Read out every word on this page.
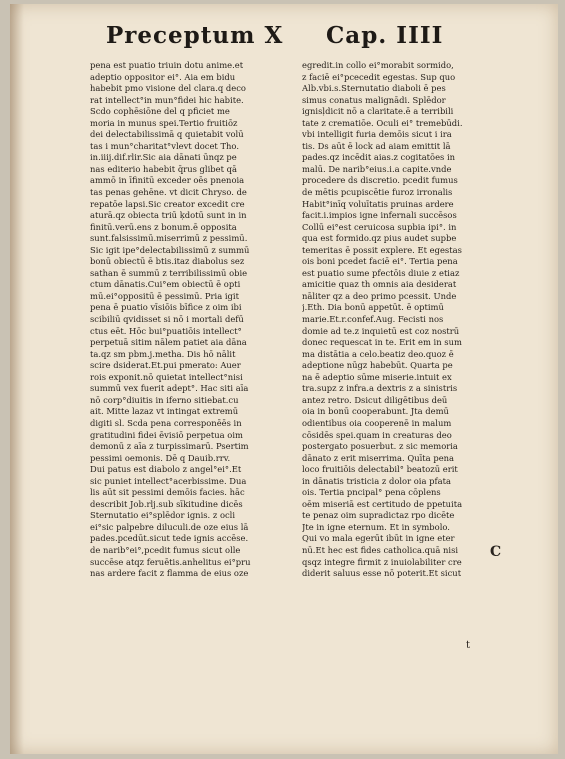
Preceptum X Cap. IIII
pena est puatio triuin dotu anime.et
adeptio oppositor ei°. Aia em bidu
habebit pmo visione del clara.q deco
rat intellect°in mun°fidei hic habite.
Scdo cophēsiōne del q pficiet me
moria in munus spei.Tertio fruitiōz
dei delectabilissimā q quietabit volū
tas i mun°charitat°vlevt docet Tho.
in.iiij.dif.rlir.Sic aia dānati ūnqz pe
nas editerio habebit q̄rus glibet qā
ammō in īfinitū exceder oēs pnenoia
tas penas gehēne. vt dicit Chryso. de
repatōe lapsi.Sic creator excedit cre
aturā.qz obiecta triū ķdotū sunt in in
finitū.verū.ens z bonum.ē opposita
sunt.falsissimū.miserrimū z pessimū.
Sic igit ipe°delectabilissimū z summū
bonū obiectū ē btis.itaz diabolus sez
sathan ē summū z terribilissimū obie
ctum dānatis.Cui°em obiectū ē opti
mū.ei°oppositū ē pessimū. Pria igit
pena ē puatio vīsiōis bīfice z oim ibi
scibiliū qvidisset si nō i mortali defū
ctus eēt. Hōc bui°puatiōis intellect°
perpetuā sitim nālem patiet aia dāna
ta.qz sm pbm.j.metha. Dis hō nālit
scire dsiderat.Et.pui pmerato: Auer
rois exponit.nō quietat intellect°nisi
summū vex fuerit adept°. Hac siti aīa
nō corp°diuitis in iferno sitiebat.cu
ait. Mitte lazaz vt intingat extremū
digiti sl. Scda pena corresponēēs in
gratitudini fidei ēvisiō perpetua oim
demonū z aīa z turpissimarū. Psertim
pessimi oemonis. Dē q Dauib.rrv.
Dui patus est diabolo z angel°ei°.Et
sic puniet intellect°acerbissime. Dua
lis aūt sit pessimi demōis facies. hāc
describit Job.rlj.sub sīkitudine dicēs
Sternutatio ei°splēdor ignis. z ocli
ei°sic palpebre diluculi.de oze eius lā
pades.pcedūt.sicut tede ignis accēse.
de narib°ei°,pcedit fumus sicut olle
succēse atqz feruētis.anhelitus ei°pru
nas ardere facit z flamma de eius oze
egredit.in collo ei°morabit sormido,
z faciē ei°pcecedit egestas. Sup quo
Alb.vbi.s.Sternutatio diaboli ē pes
simus conatus malignādi. Splēdor
ignisļdicit nō a claritate.ē a terribili
tate z crematiōe. Oculi ei° tremebūdi.
vbi intelligit furia demōis sicut i ira
tis. Ds aūt ē lock ad aiam emittit lā
pades.qz incēdit aias.z cogitatōes in
malū. De narib°eius.i.a capite.vnde
procedere ds discretio. pcedit fumus
de mētis pcupiscētie furoz irronalis
Habit°inīq voluītatis pruinas ardere
facit.i.impios igne infernali succēsos
Collū ei°est ceruicosa supbia ipi°. in
qua est formido.qz pius audet supbe
temeritas ē possit explere. Et egestas
ois boni pcedet faciē ei°. Tertia pena
est puatio sume pfectōis diuie z etiaz
amicitie quaz th omnis aia desiderat
nāliter qz a deo primo pcessit. Unde
j.Eth. Dia bonū appetūt. ē optimū
marie.Et.r.confef.Aug. Fecisti nos
domie ad te.z inquietū est coz nostrū
donec requescat in te. Erit em in sum
ma distātia a celo.beatiz deo.quoz ē
adeptione nūgz habebūt. Quarta pe
na ē adeptio sūme miserie.intuit ex
tra.supz z infra.a dextris z a sinistris
antez retro. Dsicut diligētibus deū
oia in bonū cooperabunt. Jta demū
odientibus oia cooperenē in malum
cōsidēs spei.quam in creaturas deo
postergato posuerbut. z sic memoria
dānato z erit miserrima. Quīta pena
loco fruitiōis delectabil° beatozū erit
in dānatis tristicia z dolor oia pfata
ois. Tertia pncipal° pena cōplens
oēm miseriā est certitudo de ppetuita
te penaz oim supradictaz rpo dicēte
Jte in igne eternum. Et in symbolo.
Qui vo mala egerūt ibūt in igne eter
nū.Et hec est fides catholica.quā nisi
qsqz integre firmit z inuiolabiliter cre
diderit saluus esse nō poterit.Et sicut
C
t
